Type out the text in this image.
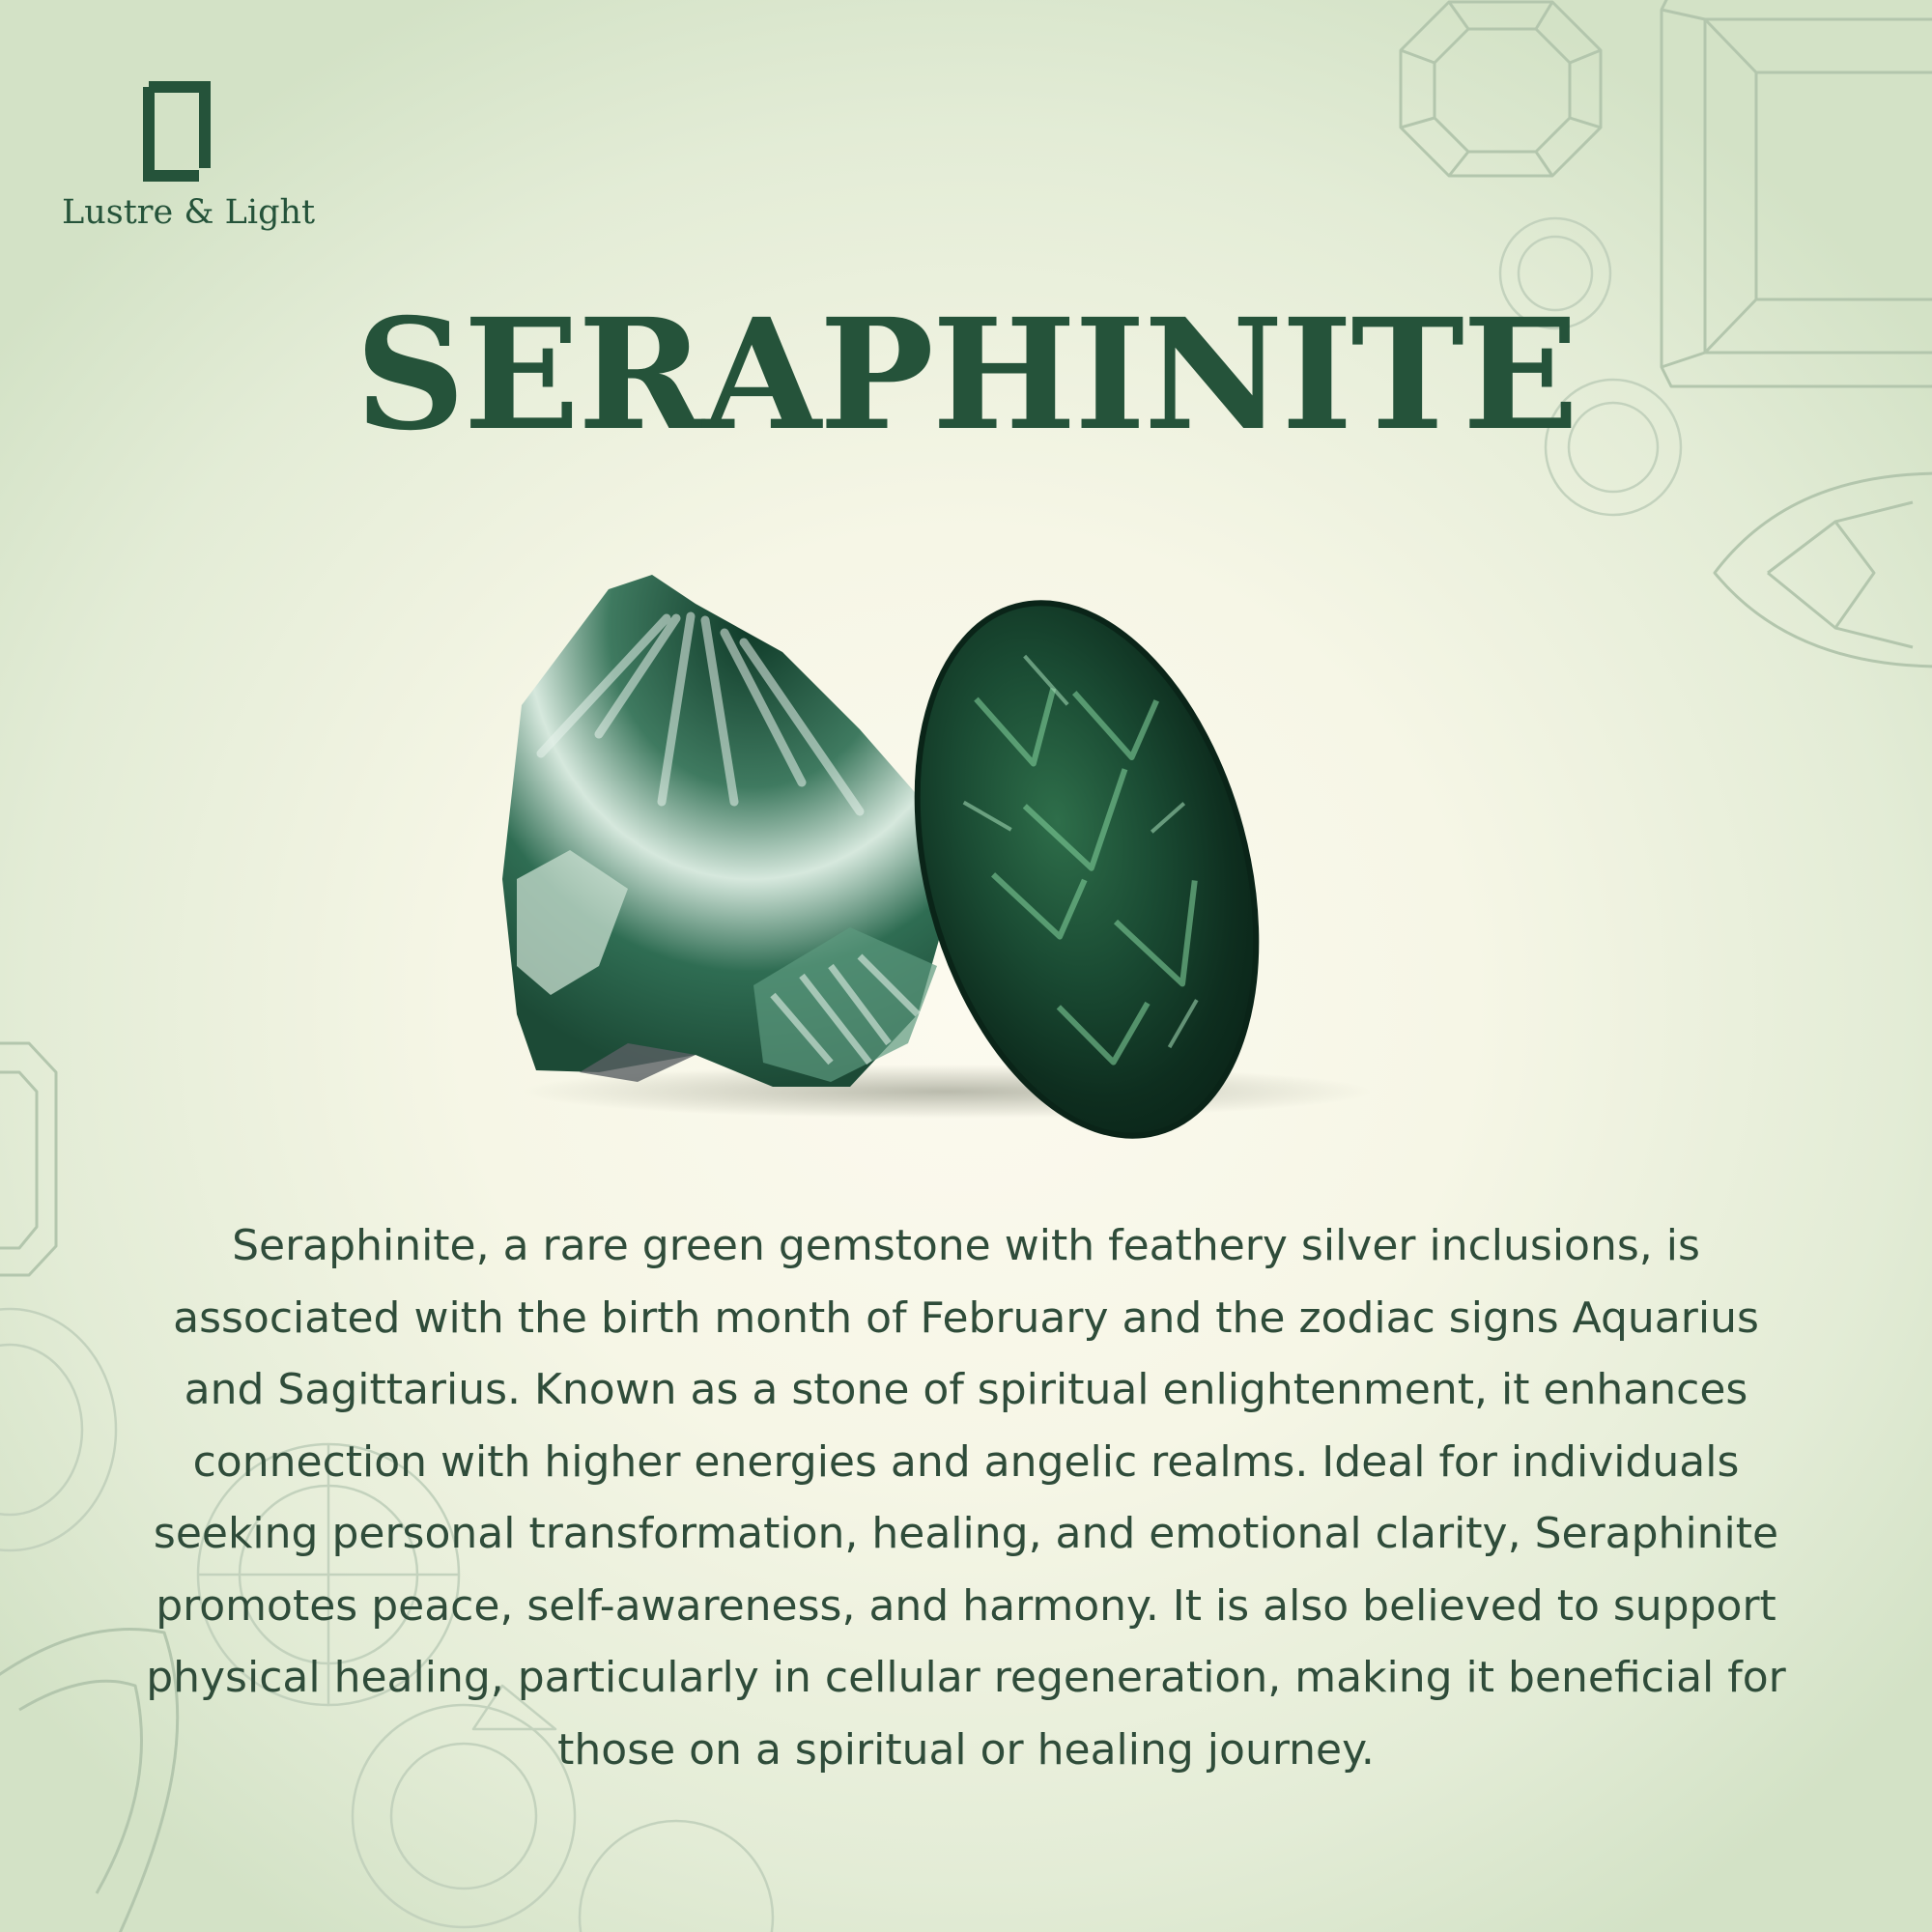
Lustre & Light
SERAPHINITE

Seraphinite, a rare green gemstone with feathery silver inclusions, is associated with the birth month of February and the zodiac signs Aquarius and Sagittarius. Known as a stone of spiritual enlightenment, it enhances connection with higher energies and angelic realms. Ideal for individuals seeking personal transformation, healing, and emotional clarity, Seraphinite promotes peace, self-awareness, and harmony. It is also believed to support physical healing, particularly in cellular regeneration, making it beneficial for those on a spiritual or healing journey.
